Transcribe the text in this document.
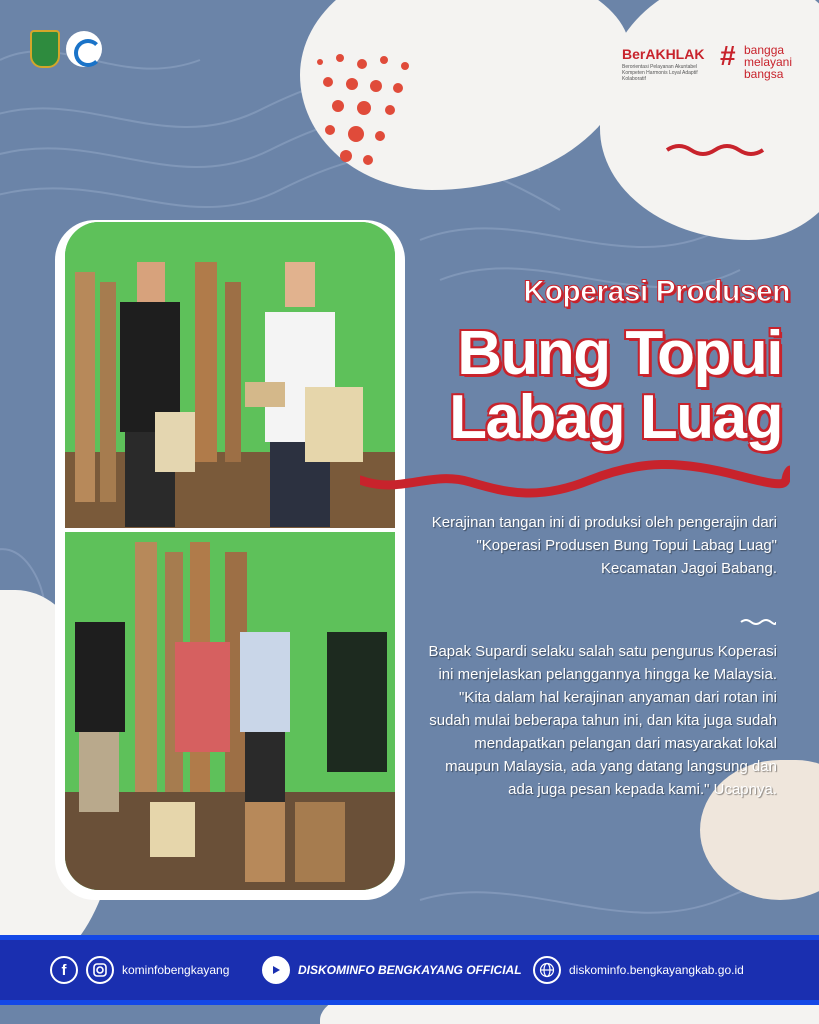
BerAKHLAK
Berorientasi Pelayanan Akuntabel Kompeten Harmonis Loyal Adaptif Kolaboratif
# bangga
melayani
bangsa
Koperasi Produsen
Bung Topui
Labag Luag
Kerajinan tangan ini di produksi oleh pengerajin dari "Koperasi Produsen Bung Topui Labag Luag" Kecamatan Jagoi Babang.
Bapak Supardi selaku salah satu pengurus Koperasi ini menjelaskan pelanggannya hingga ke Malaysia. "Kita dalam hal kerajinan anyaman dari rotan ini sudah mulai beberapa tahun ini, dan kita juga sudah mendapatkan pelangan dari masyarakat lokal maupun Malaysia, ada yang datang langsung dan ada juga pesan kepada kami." Ucapnya.
f	kominfobengkayang	DISKOMINFO BENGKAYANG OFFICIAL	diskominfo.bengkayangkab.go.id
